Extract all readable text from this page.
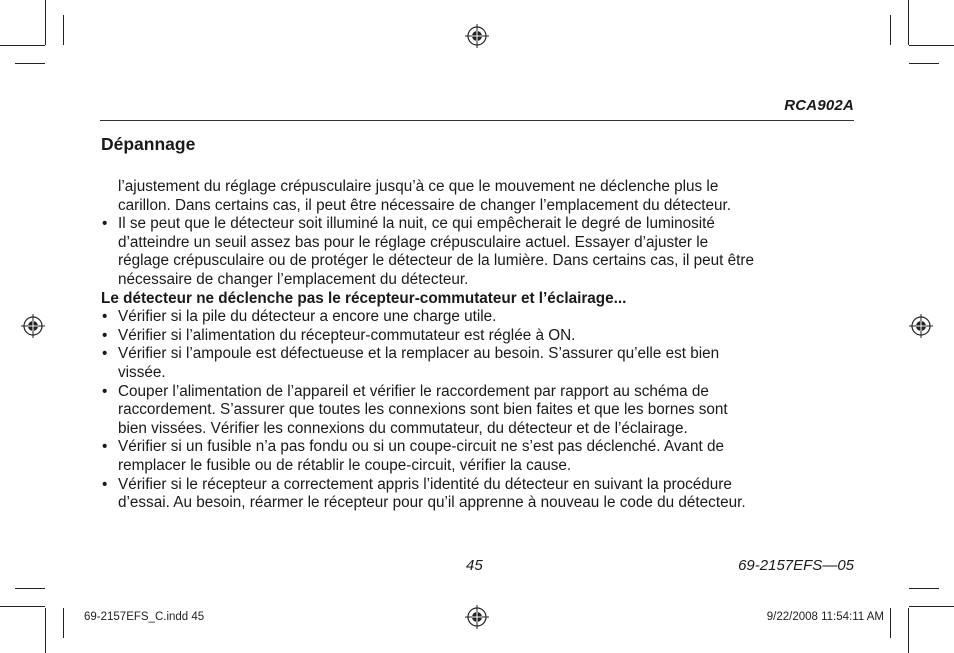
RCA902A
Dépannage

l’ajustement du réglage crépusculaire jusqu’à ce que le mouvement ne déclenche plus le

carillon. Dans certains cas, il peut être nécessaire de changer l’emplacement du détecteur.

• Il se peut que le détecteur soit illuminé la nuit, ce qui empêcherait le degré de luminosité

d’atteindre un seuil assez bas pour le réglage crépusculaire actuel. Essayer d’ajuster le

réglage crépusculaire ou de protéger le détecteur de la lumière. Dans certains cas, il peut être

nécessaire de changer l’emplacement du détecteur.

Le détecteur ne déclenche pas le récepteur-commutateur et l’éclairage...

• Vérifier si la pile du détecteur a encore une charge utile.

• Vérifier si l’alimentation du récepteur-commutateur est réglée à ON.

• Vérifier si l’ampoule est défectueuse et la remplacer au besoin. S’assurer qu’elle est bien

vissée.

• Couper l’alimentation de l’appareil et vérifier le raccordement par rapport au schéma de

raccordement. S’assurer que toutes les connexions sont bien faites et que les bornes sont

bien vissées. Vérifier les connexions du commutateur, du détecteur et de l’éclairage.

• Vérifier si un fusible n’a pas fondu ou si un coupe-circuit ne s’est pas déclenché. Avant de

remplacer le fusible ou de rétablir le coupe-circuit, vérifier la cause.

• Vérifier si le récepteur a correctement appris l’identité du détecteur en suivant la procédure

d’essai. Au besoin, réarmer le récepteur pour qu’il apprenne à nouveau le code du détecteur.

45	69-2157EFS—05
69-2157EFS_C.indd 45	9/22/2008 11:54:11 AM
